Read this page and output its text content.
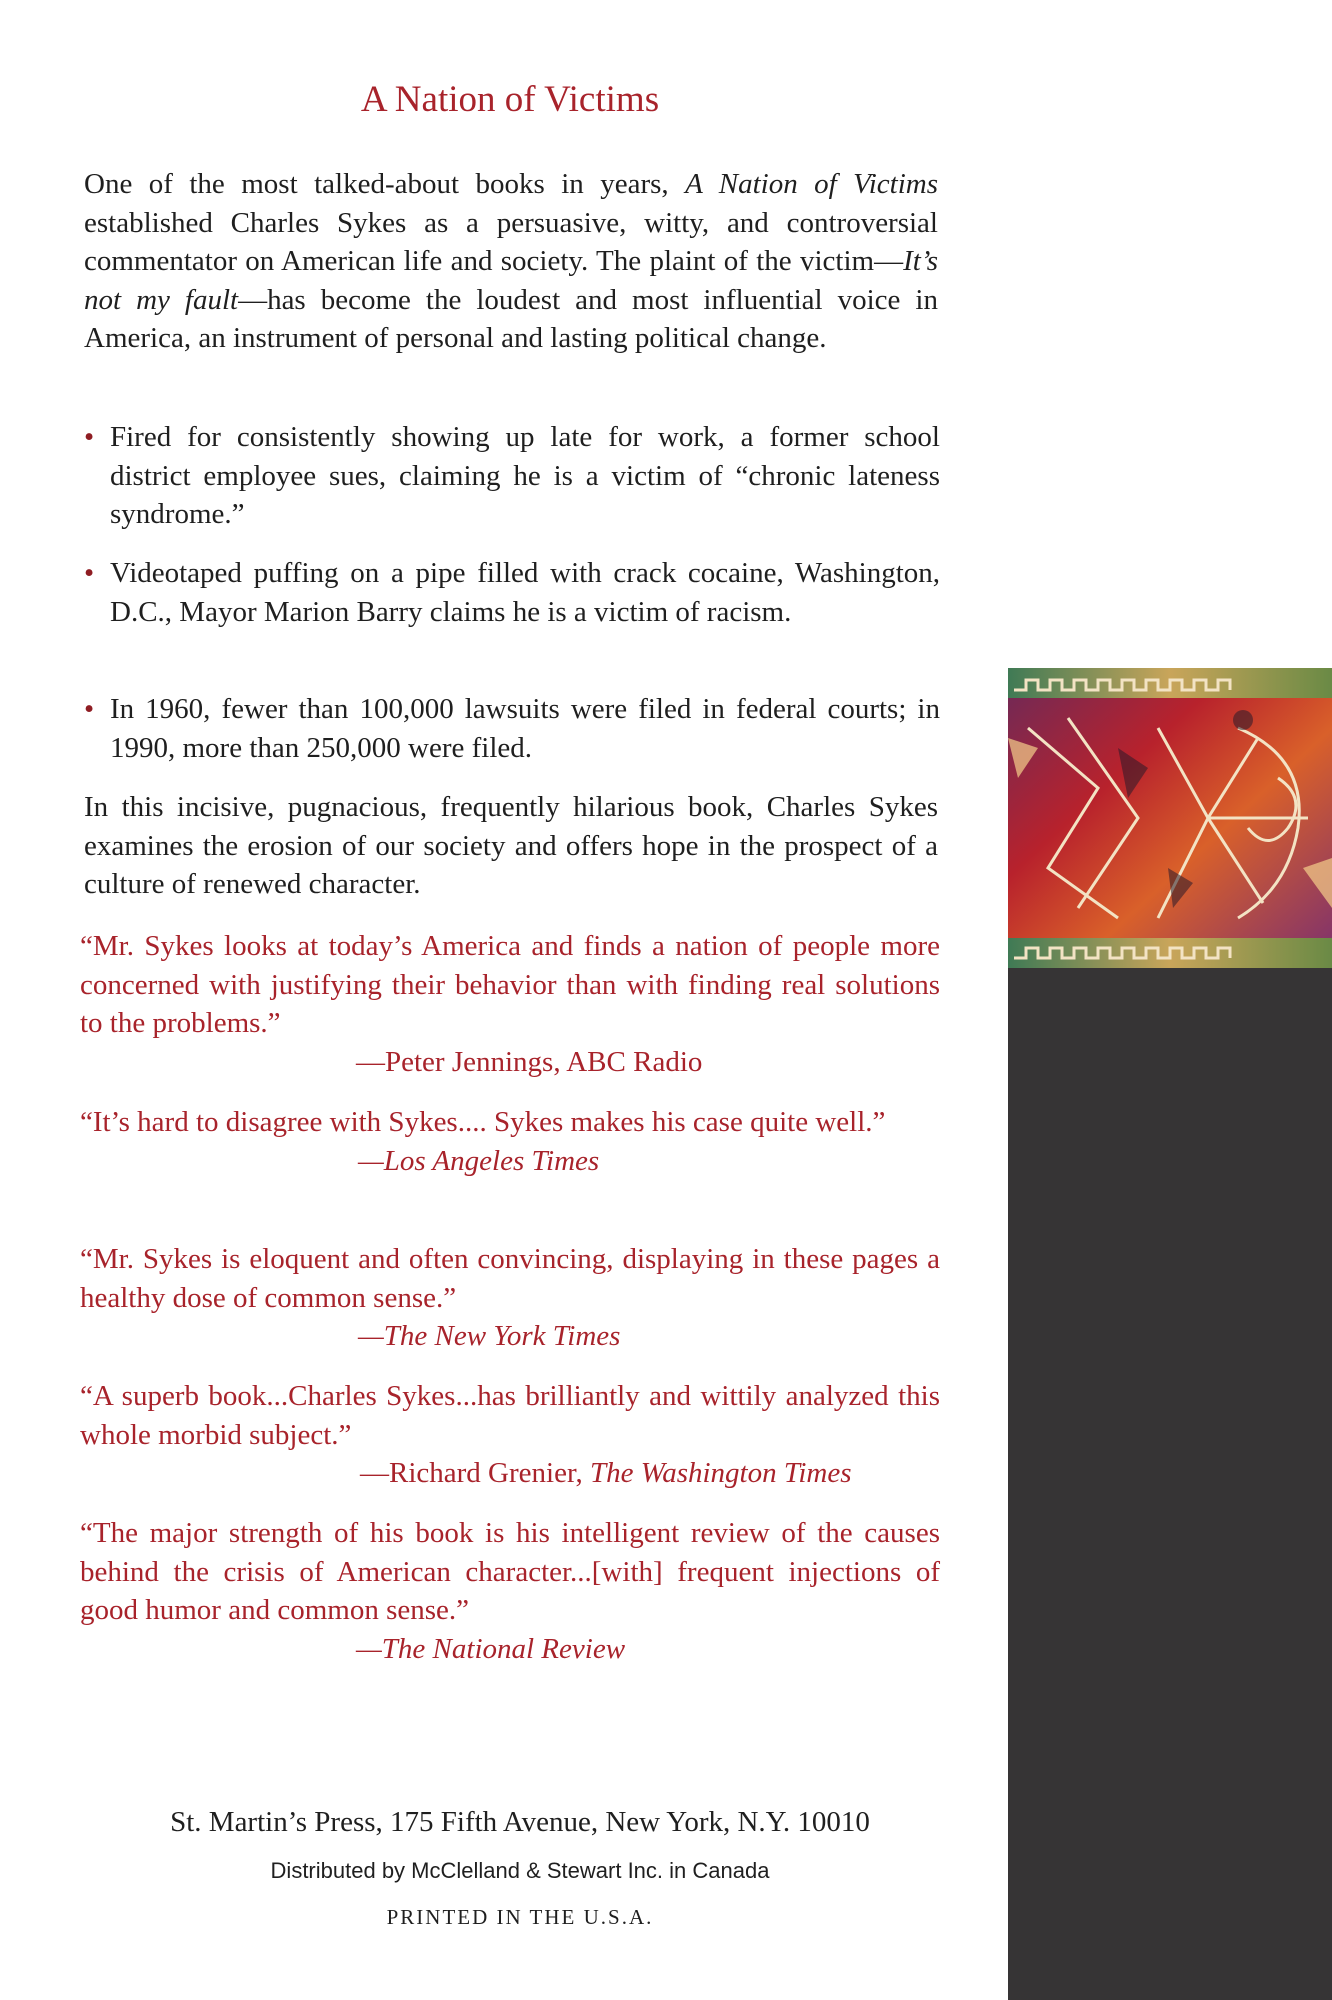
A Nation of Victims

One of the most talked-about books in years, A Nation of Victims established Charles Sykes as a persuasive, witty, and controversial commentator on American life and society. The plaint of the victim—It’s not my fault—has become the loudest and most influential voice in America, an instrument of personal and lasting political change.

• Fired for consistently showing up late for work, a former school district employee sues, claiming he is a victim of “chronic lateness syndrome.”
• Videotaped puffing on a pipe filled with crack cocaine, Washington, D.C., Mayor Marion Barry claims he is a victim of racism.
• In 1960, fewer than 100,000 lawsuits were filed in federal courts; in 1990, more than 250,000 were filed.

In this incisive, pugnacious, frequently hilarious book, Charles Sykes examines the erosion of our society and offers hope in the prospect of a culture of renewed character.

“Mr. Sykes looks at today’s America and finds a nation of people more concerned with justifying their behavior than with finding real solutions to the problems.”
—Peter Jennings, ABC Radio

“It’s hard to disagree with Sykes.... Sykes makes his case quite well.”
—Los Angeles Times

“Mr. Sykes is eloquent and often convincing, displaying in these pages a healthy dose of common sense.”
—The New York Times

“A superb book...Charles Sykes...has brilliantly and wittily analyzed this whole morbid subject.”
—Richard Grenier, The Washington Times

“The major strength of his book is his intelligent review of the causes behind the crisis of American character...[with] frequent injections of good humor and common sense.”
—The National Review

St. Martin’s Press, 175 Fifth Avenue, New York, N.Y. 10010
Distributed by McClelland & Stewart Inc. in Canada
PRINTED IN THE U.S.A.
